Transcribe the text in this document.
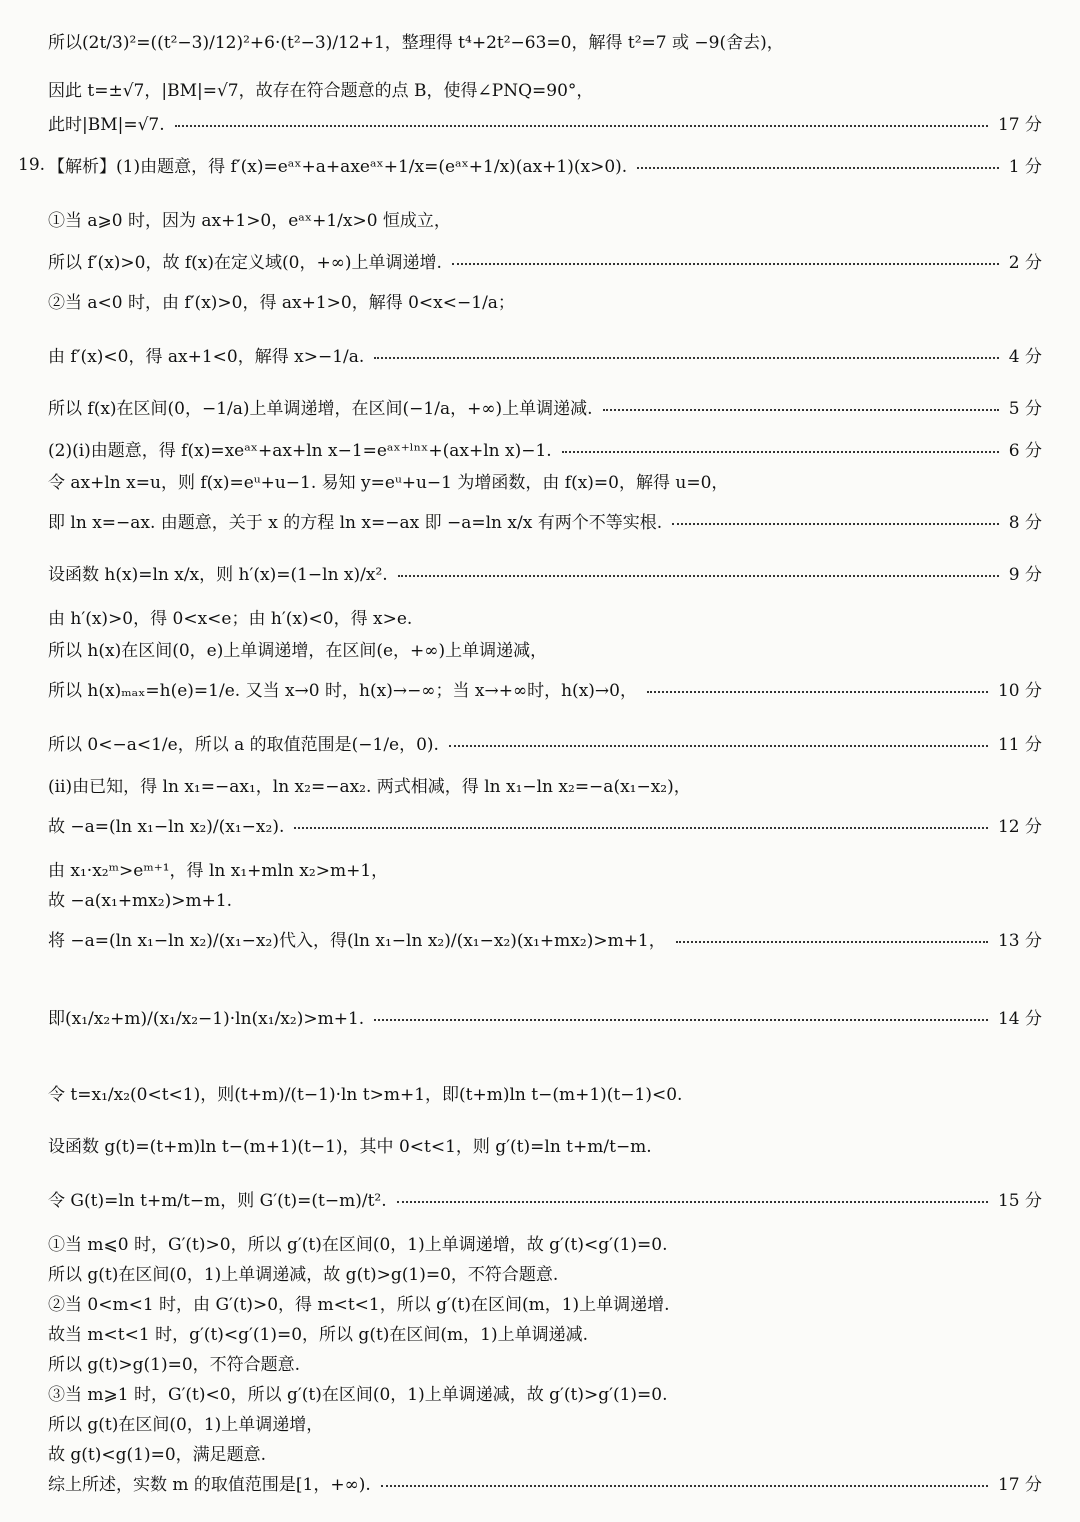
所以(2t/3)²=((t²−3)/12)²+6·(t²−3)/12+1，整理得 t⁴+2t²−63=0，解得 t²=7 或 −9(舍去)，
因此 t=±√7，|BM|=√7，故存在符合题意的点 B，使得∠PNQ=90°，
此时|BM|=√7.	17 分
19. 【解析】(1)由题意，得 f′(x)=eᵃˣ+a+axeᵃˣ+1/x=(eᵃˣ+1/x)(ax+1)(x>0).	1 分
①当 a⩾0 时，因为 ax+1>0，eᵃˣ+1/x>0 恒成立，
所以 f′(x)>0，故 f(x)在定义域(0，+∞)上单调递增.	2 分
②当 a<0 时，由 f′(x)>0，得 ax+1>0，解得 0<x<−1/a；
由 f′(x)<0，得 ax+1<0，解得 x>−1/a.	4 分
所以 f(x)在区间(0，−1/a)上单调递增，在区间(−1/a，+∞)上单调递减.	5 分
(2)(ⅰ)由题意，得 f(x)=xeᵃˣ+ax+ln x−1=eᵃˣ⁺ˡⁿˣ+(ax+ln x)−1.	6 分
令 ax+ln x=u，则 f(x)=eᵘ+u−1. 易知 y=eᵘ+u−1 为增函数，由 f(x)=0，解得 u=0，
即 ln x=−ax. 由题意，关于 x 的方程 ln x=−ax 即 −a=ln x/x 有两个不等实根.	8 分
设函数 h(x)=ln x/x，则 h′(x)=(1−ln x)/x².	9 分
由 h′(x)>0，得 0<x<e；由 h′(x)<0，得 x>e.
所以 h(x)在区间(0，e)上单调递增，在区间(e，+∞)上单调递减，
所以 h(x)ₘₐₓ=h(e)=1/e. 又当 x→0 时，h(x)→−∞；当 x→+∞时，h(x)→0，	10 分
所以 0<−a<1/e，所以 a 的取值范围是(−1/e，0).	11 分
(ⅱ)由已知，得 ln x₁=−ax₁，ln x₂=−ax₂. 两式相减，得 ln x₁−ln x₂=−a(x₁−x₂)，
故 −a=(ln x₁−ln x₂)/(x₁−x₂).	12 分
由 x₁·x₂ᵐ>eᵐ⁺¹，得 ln x₁+mln x₂>m+1，
故 −a(x₁+mx₂)>m+1.
将 −a=(ln x₁−ln x₂)/(x₁−x₂)代入，得(ln x₁−ln x₂)/(x₁−x₂)(x₁+mx₂)>m+1，	13 分
即(x₁/x₂+m)/(x₁/x₂−1)·ln(x₁/x₂)>m+1.	14 分
令 t=x₁/x₂(0<t<1)，则(t+m)/(t−1)·ln t>m+1，即(t+m)ln t−(m+1)(t−1)<0.
设函数 g(t)=(t+m)ln t−(m+1)(t−1)，其中 0<t<1，则 g′(t)=ln t+m/t−m.
令 G(t)=ln t+m/t−m，则 G′(t)=(t−m)/t².	15 分
①当 m⩽0 时，G′(t)>0，所以 g′(t)在区间(0，1)上单调递增，故 g′(t)<g′(1)=0.
所以 g(t)在区间(0，1)上单调递减，故 g(t)>g(1)=0，不符合题意.
②当 0<m<1 时，由 G′(t)>0，得 m<t<1，所以 g′(t)在区间(m，1)上单调递增.
故当 m<t<1 时，g′(t)<g′(1)=0，所以 g(t)在区间(m，1)上单调递减.
所以 g(t)>g(1)=0，不符合题意.
③当 m⩾1 时，G′(t)<0，所以 g′(t)在区间(0，1)上单调递减，故 g′(t)>g′(1)=0.
所以 g(t)在区间(0，1)上单调递增，
故 g(t)<g(1)=0，满足题意.
综上所述，实数 m 的取值范围是[1，+∞).	17 分
